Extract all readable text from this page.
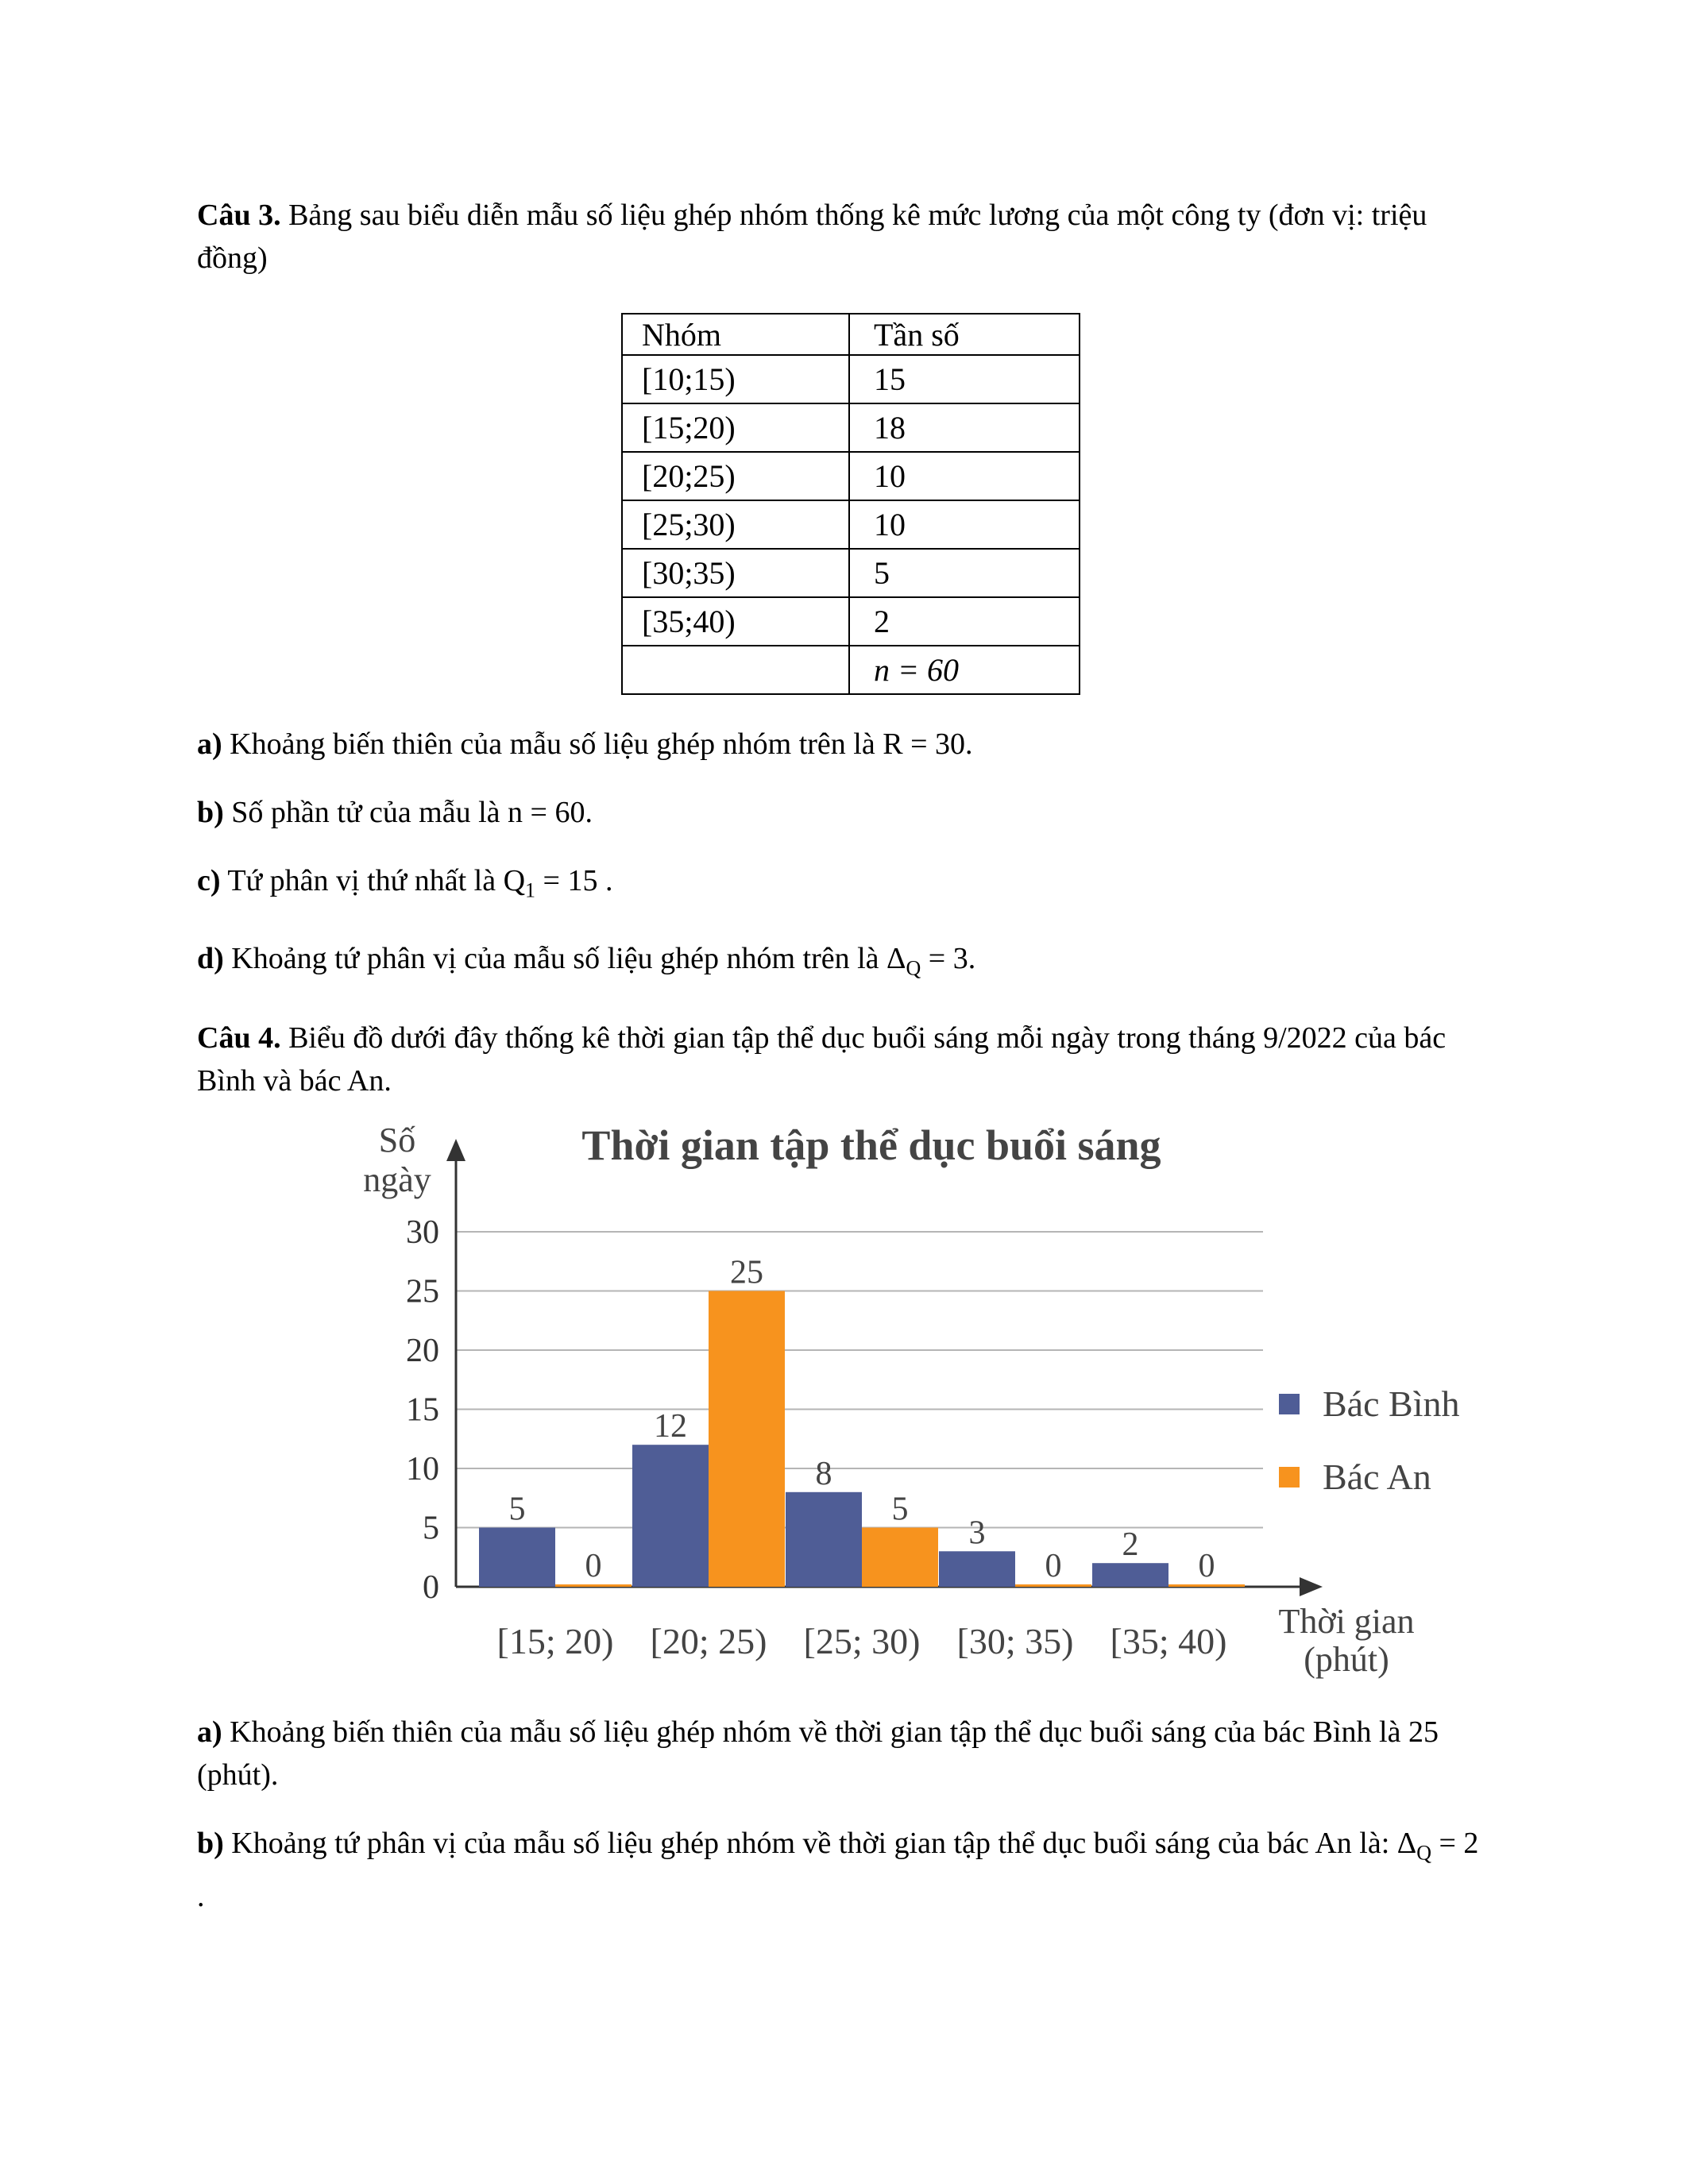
Câu 3. Bảng sau biểu diễn mẫu số liệu ghép nhóm thống kê mức lương của một công ty (đơn vị: triệu đồng)
Nhóm	Tần số
[10;15)	15
[15;20)	18
[20;25)	10
[25;30)	10
[30;35)	5
[35;40)	2
	n = 60
a) Khoảng biến thiên của mẫu số liệu ghép nhóm trên là R = 30.
b) Số phần tử của mẫu là n = 60.
c) Tứ phân vị thứ nhất là $Q_1 = 15$ .
d) Khoảng tứ phân vị của mẫu số liệu ghép nhóm trên là $\Delta_Q = 3$.
Câu 4. Biểu đồ dưới đây thống kê thời gian tập thể dục buổi sáng mỗi ngày trong tháng 9/2022 của bác Bình và bác An.
0
5
10
15
20
25
30
Số
ngày
Thời gian tập thể dục buổi sáng
5
0
[15; 20)
12
25
[20; 25)
8
5
[25; 30)
3
0
[30; 35)
2
0
[35; 40) Thời gian
(phút)
Bác Bình
Bác An
a) Khoảng biến thiên của mẫu số liệu ghép nhóm về thời gian tập thể dục buổi sáng của bác Bình là 25 (phút).
b) Khoảng tứ phân vị của mẫu số liệu ghép nhóm về thời gian tập thể dục buổi sáng của bác An là: $\Delta_Q = 2$ .
